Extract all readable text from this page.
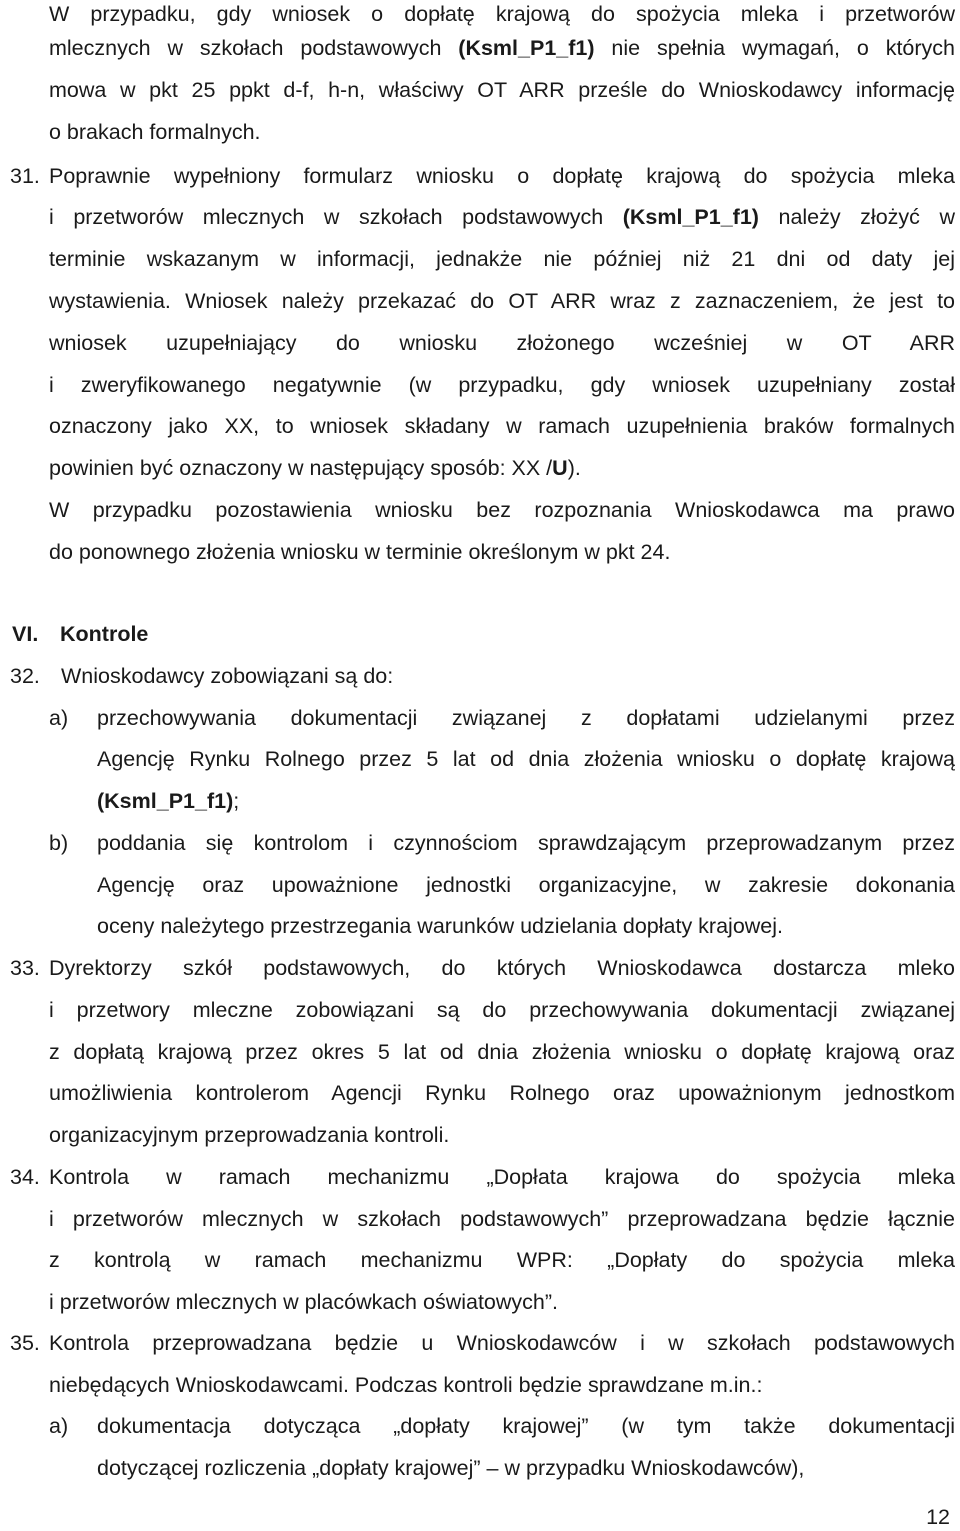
W przypadku, gdy wniosek o dopłatę krajową do spożycia mleka i przetworów
mlecznych w szkołach podstawowych (Ksml_P1_f1) nie spełnia wymagań, o których
mowa w pkt 25 ppkt d-f, h-n, właściwy OT ARR prześle do Wnioskodawcy informację
o brakach formalnych.
31. Poprawnie wypełniony formularz wniosku o dopłatę krajową do spożycia mleka
i przetworów mlecznych w szkołach podstawowych (Ksml_P1_f1) należy złożyć w
terminie wskazanym w informacji, jednakże nie później niż 21 dni od daty jej
wystawienia. Wniosek należy przekazać do OT ARR wraz z zaznaczeniem, że jest to
wniosek uzupełniający do wniosku złożonego wcześniej w OT ARR
i zweryfikowanego negatywnie (w przypadku, gdy wniosek uzupełniany został
oznaczony jako XX, to wniosek składany w ramach uzupełnienia braków formalnych
powinien być oznaczony w następujący sposób: XX /U).
W przypadku pozostawienia wniosku bez rozpoznania Wnioskodawca ma prawo
do ponownego złożenia wniosku w terminie określonym w pkt 24.
VI. Kontrole
32. Wnioskodawcy zobowiązani są do:
a) przechowywania dokumentacji związanej z dopłatami udzielanymi przez
Agencję Rynku Rolnego przez 5 lat od dnia złożenia wniosku o dopłatę krajową
(Ksml_P1_f1);
b) poddania się kontrolom i czynnościom sprawdzającym przeprowadzanym przez
Agencję oraz upoważnione jednostki organizacyjne, w zakresie dokonania
oceny należytego przestrzegania warunków udzielania dopłaty krajowej.
33. Dyrektorzy szkół podstawowych, do których Wnioskodawca dostarcza mleko
i przetwory mleczne zobowiązani są do przechowywania dokumentacji związanej
z dopłatą krajową przez okres 5 lat od dnia złożenia wniosku o dopłatę krajową oraz
umożliwienia kontrolerom Agencji Rynku Rolnego oraz upoważnionym jednostkom
organizacyjnym przeprowadzania kontroli.
34. Kontrola w ramach mechanizmu „Dopłata krajowa do spożycia mleka
i przetworów mlecznych w szkołach podstawowych” przeprowadzana będzie łącznie
z kontrolą w ramach mechanizmu WPR: „Dopłaty do spożycia mleka
i przetworów mlecznych w placówkach oświatowych”.
35. Kontrola przeprowadzana będzie u Wnioskodawców i w szkołach podstawowych
niebędących Wnioskodawcami. Podczas kontroli będzie sprawdzane m.in.:
a) dokumentacja dotycząca „dopłaty krajowej” (w tym także dokumentacji
dotyczącej rozliczenia „dopłaty krajowej” – w przypadku Wnioskodawców),
12
